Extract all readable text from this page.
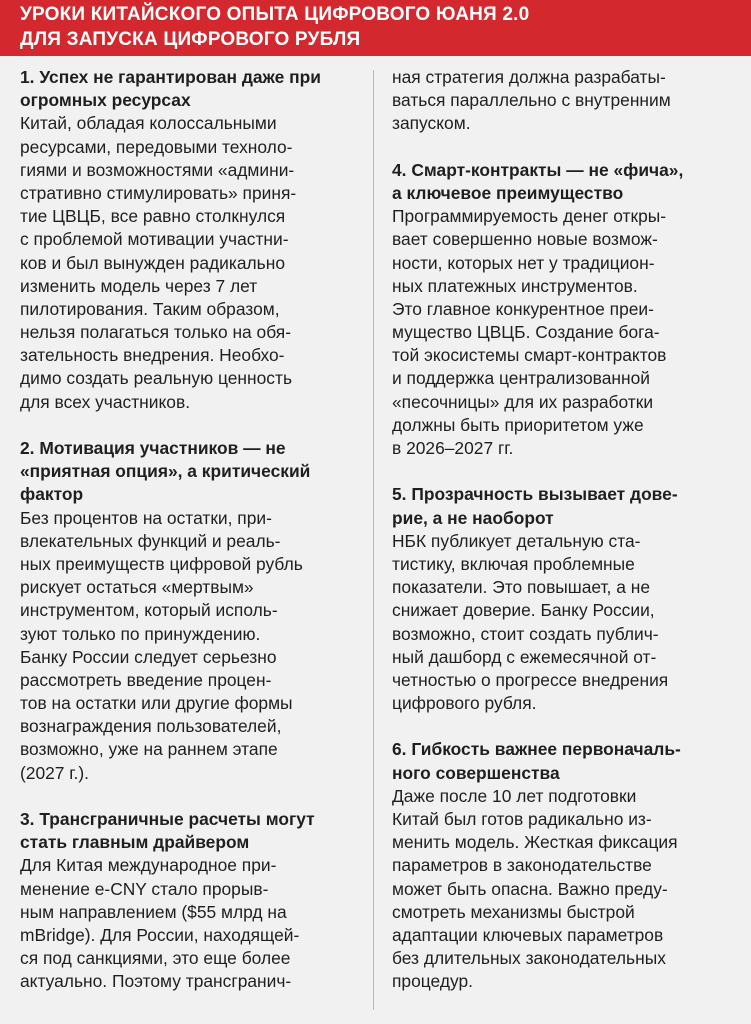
УРОКИ КИТАЙСКОГО ОПЫТА ЦИФРОВОГО ЮАНЯ 2.0
ДЛЯ ЗАПУСКА ЦИФРОВОГО РУБЛЯ
1. Успех не гарантирован даже при
огромных ресурсах
Китай, обладая колоссальными
ресурсами, передовыми техноло-
гиями и возможностями «админи-
стративно стимулировать» приня-
тие ЦВЦБ, все равно столкнулся
с проблемой мотивации участни-
ков и был вынужден радикально
изменить модель через 7 лет
пилотирования. Таким образом,
нельзя полагаться только на обя-
зательность внедрения. Необхо-
димо создать реальную ценность
для всех участников.
2. Мотивация участников — не
«приятная опция», а критический
фактор
Без процентов на остатки, при-
влекательных функций и реаль-
ных преимуществ цифровой рубль
рискует остаться «мертвым»
инструментом, который исполь-
зуют только по принуждению.
Банку России следует серьезно
рассмотреть введение процен-
тов на остатки или другие формы
вознаграждения пользователей,
возможно, уже на раннем этапе
(2027 г.).
3. Трансграничные расчеты могут
стать главным драйвером
Для Китая международное при-
менение e-CNY стало прорыв-
ным направлением ($55 млрд на
mBridge). Для России, находящей-
ся под санкциями, это еще более
актуально. Поэтому трансгранич-
ная стратегия должна разрабаты-
ваться параллельно с внутренним
запуском.
4. Смарт-контракты — не «фича»,
а ключевое преимущество
Программируемость денег откры-
вает совершенно новые возмож-
ности, которых нет у традицион-
ных платежных инструментов.
Это главное конкурентное преи-
мущество ЦВЦБ. Создание бога-
той экосистемы смарт-контрактов
и поддержка централизованной
«песочницы» для их разработки
должны быть приоритетом уже
в 2026–2027 гг.
5. Прозрачность вызывает дове-
рие, а не наоборот
НБК публикует детальную ста-
тистику, включая проблемные
показатели. Это повышает, а не
снижает доверие. Банку России,
возможно, стоит создать публич-
ный дашборд с ежемесячной от-
четностью о прогрессе внедрения
цифрового рубля.
6. Гибкость важнее первоначаль-
ного совершенства
Даже после 10 лет подготовки
Китай был готов радикально из-
менить модель. Жесткая фиксация
параметров в законодательстве
может быть опасна. Важно преду-
смотреть механизмы быстрой
адаптации ключевых параметров
без длительных законодательных
процедур.
